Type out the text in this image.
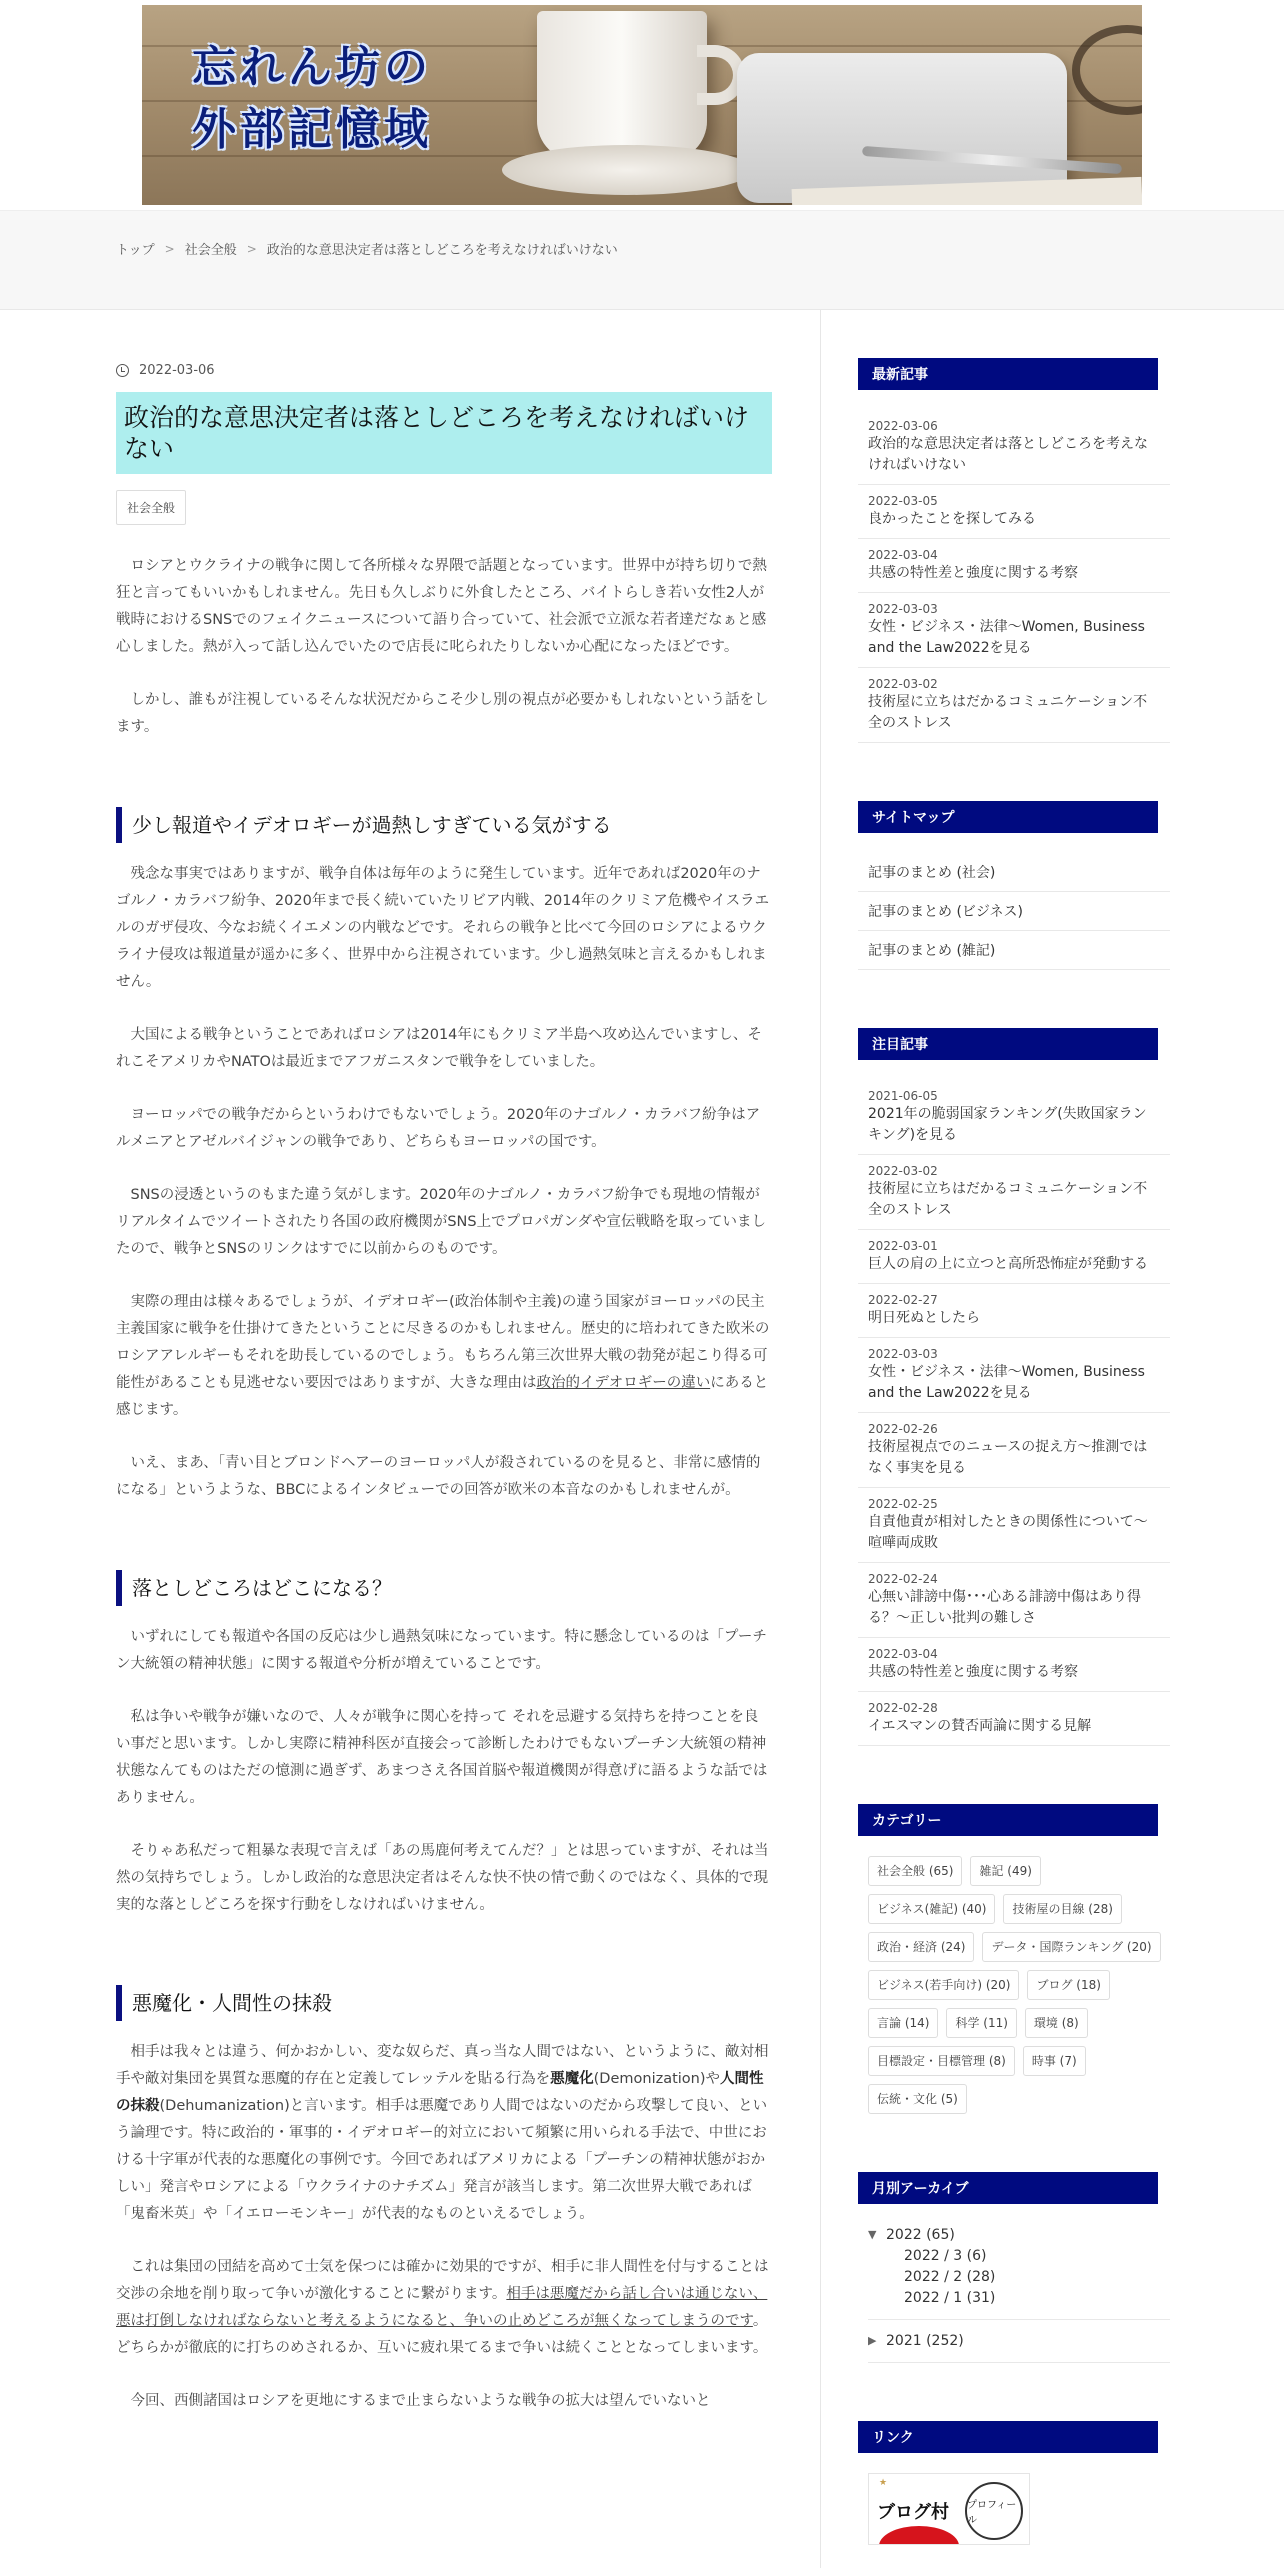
忘れん坊の
外部記憶域
トップ > 社会全般 > 政治的な意思決定者は落としどころを考えなければいけない
2022-03-06
政治的な意思決定者は落としどころを考えなければいけない
社会全般

ロシアとウクライナの戦争に関して各所様々な界隈で話題となっています。世界中が持ち切りで熱狂と言ってもいいかもしれません。先日も久しぶりに外食したところ、バイトらしき若い女性2人が戦時におけるSNSでのフェイクニュースについて語り合っていて、社会派で立派な若者達だなぁと感心しました。熱が入って話し込んでいたので店長に叱られたりしないか心配になったほどです。

しかし、誰もが注視しているそんな状況だからこそ少し別の視点が必要かもしれないという話をします。

少し報道やイデオロギーが過熱しすぎている気がする

残念な事実ではありますが、戦争自体は毎年のように発生しています。近年であれば2020年のナゴルノ・カラバフ紛争、2020年まで長く続いていたリビア内戦、2014年のクリミア危機やイスラエルのガザ侵攻、今なお続くイエメンの内戦などです。それらの戦争と比べて今回のロシアによるウクライナ侵攻は報道量が遥かに多く、世界中から注視されています。少し過熱気味と言えるかもしれません。

大国による戦争ということであればロシアは2014年にもクリミア半島へ攻め込んでいますし、それこそアメリカやNATOは最近までアフガニスタンで戦争をしていました。

ヨーロッパでの戦争だからというわけでもないでしょう。2020年のナゴルノ・カラバフ紛争はアルメニアとアゼルバイジャンの戦争であり、どちらもヨーロッパの国です。

SNSの浸透というのもまた違う気がします。2020年のナゴルノ・カラバフ紛争でも現地の情報がリアルタイムでツイートされたり各国の政府機関がSNS上でプロパガンダや宣伝戦略を取っていましたので、戦争とSNSのリンクはすでに以前からのものです。

実際の理由は様々あるでしょうが、イデオロギー(政治体制や主義)の違う国家がヨーロッパの民主主義国家に戦争を仕掛けてきたということに尽きるのかもしれません。歴史的に培われてきた欧米のロシアアレルギーもそれを助長しているのでしょう。もちろん第三次世界大戦の勃発が起こり得る可能性があることも見逃せない要因ではありますが、大きな理由は政治的イデオロギーの違いにあると感じます。

いえ、まあ、「青い目とブロンドヘアーのヨーロッパ人が殺されているのを見ると、非常に感情的になる」というような、BBCによるインタビューでの回答が欧米の本音なのかもしれませんが。

落としどころはどこになる？

いずれにしても報道や各国の反応は少し過熱気味になっています。特に懸念しているのは「プーチン大統領の精神状態」に関する報道や分析が増えていることです。

私は争いや戦争が嫌いなので、人々が戦争に関心を持って それを忌避する気持ちを持つことを良い事だと思います。しかし実際に精神科医が直接会って診断したわけでもないプーチン大統領の精神状態なんてものはただの憶測に過ぎず、あまつさえ各国首脳や報道機関が得意げに語るような話ではありません。

そりゃあ私だって粗暴な表現で言えば「あの馬鹿何考えてんだ？」とは思っていますが、それは当然の気持ちでしょう。しかし政治的な意思決定者はそんな快不快の情で動くのではなく、具体的で現実的な落としどころを探す行動をしなければいけません。

悪魔化・人間性の抹殺

相手は我々とは違う、何かおかしい、変な奴らだ、真っ当な人間ではない、というように、敵対相手や敵対集団を異質な悪魔的存在と定義してレッテルを貼る行為を悪魔化(Demonization)や人間性の抹殺(Dehumanization)と言います。相手は悪魔であり人間ではないのだから攻撃して良い、という論理です。特に政治的・軍事的・イデオロギー的対立において頻繁に用いられる手法で、中世における十字軍が代表的な悪魔化の事例です。今回であればアメリカによる「プーチンの精神状態がおかしい」発言やロシアによる「ウクライナのナチズム」発言が該当します。第二次世界大戦であれば「鬼畜米英」や「イエローモンキー」が代表的なものといえるでしょう。

これは集団の団結を高めて士気を保つには確かに効果的ですが、相手に非人間性を付与することは交渉の余地を削り取って争いが激化することに繋がります。相手は悪魔だから話し合いは通じない、悪は打倒しなければならないと考えるようになると、争いの止めどころが無くなってしまうのです。どちらかが徹底的に打ちのめされるか、互いに疲れ果てるまで争いは続くこととなってしまいます。

今回、西側諸国はロシアを更地にするまで止まらないような戦争の拡大は望んでいないと

最新記事
2022-03-06
政治的な意思決定者は落としどころを考えなければいけない
2022-03-05
良かったことを探してみる
2022-03-04
共感の特性差と強度に関する考察
2022-03-03
女性・ビジネス・法律～Women, Business and the Law2022を見る
2022-03-02
技術屋に立ちはだかるコミュニケーション不全のストレス
サイトマップ
記事のまとめ (社会)
記事のまとめ (ビジネス)
記事のまとめ (雑記)
注目記事
2021-06-05
2021年の脆弱国家ランキング(失敗国家ランキング)を見る
2022-03-02
技術屋に立ちはだかるコミュニケーション不全のストレス
2022-03-01
巨人の肩の上に立つと高所恐怖症が発動する
2022-02-27
明日死ぬとしたら
2022-03-03
女性・ビジネス・法律～Women, Business and the Law2022を見る
2022-02-26
技術屋視点でのニュースの捉え方～推測ではなく事実を見る
2022-02-25
自責他責が相対したときの関係性について～喧嘩両成敗
2022-02-24
心無い誹謗中傷･･･心ある誹謗中傷はあり得る？～正しい批判の難しさ
2022-03-04
共感の特性差と強度に関する考察
2022-02-28
イエスマンの賛否両論に関する見解
カテゴリー
社会全般 (65)	雑記 (49)
ビジネス(雑記) (40)	技術屋の目線 (28)
政治・経済 (24)	データ・国際ランキング (20)
ビジネス(若手向け) (20)	ブログ (18)
言論 (14)	科学 (11)	環境 (8)
目標設定・目標管理 (8)	時事 (7)
伝統・文化 (5)
月別アーカイブ
▼ 2022 (65)
2022 / 3 (6)
2022 / 2 (28)
2022 / 1 (31)
▶ 2021 (252)
リンク
★
ブログ村 プロフィール
